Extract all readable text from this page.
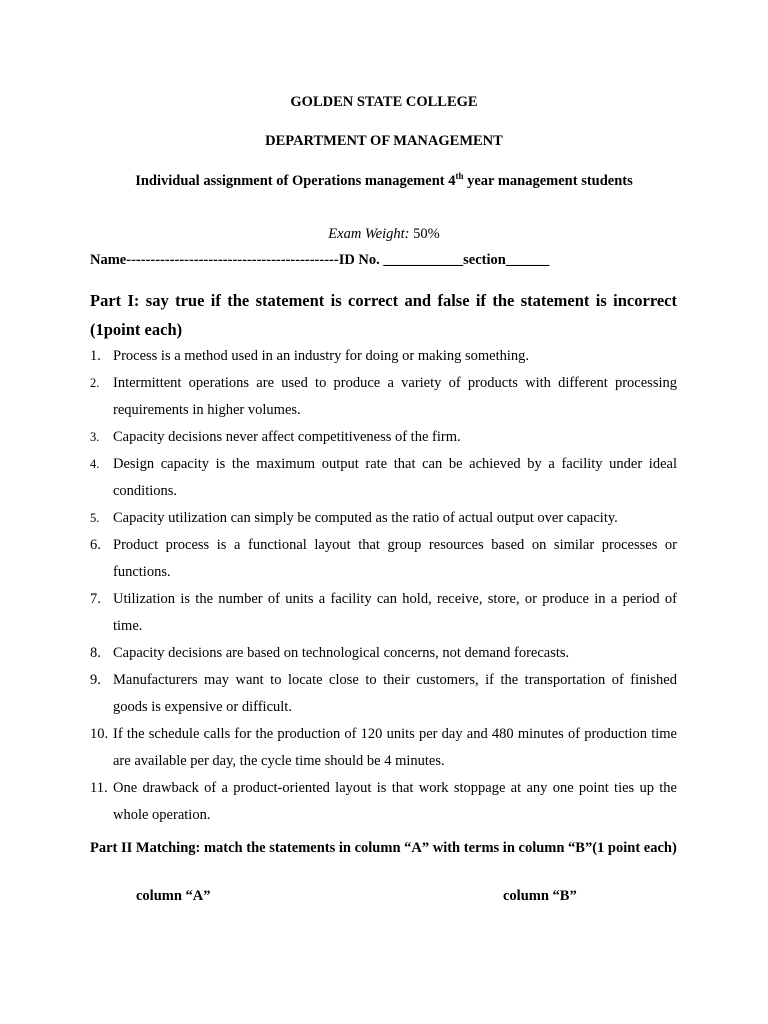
GOLDEN STATE COLLEGE
DEPARTMENT OF MANAGEMENT
Individual assignment of Operations management 4th year management students
Exam Weight: 50%
Name--------------------------------------------ID No. ___________section______
Part I: say true if the statement is correct and false if the statement is incorrect (1point each)
1. Process is a method used in an industry for doing or making something.
2. Intermittent operations are used to produce a variety of products with different processing requirements in higher volumes.
3. Capacity decisions never affect competitiveness of the firm.
4. Design capacity is the maximum output rate that can be achieved by a facility under ideal conditions.
5. Capacity utilization can simply be computed as the ratio of actual output over capacity.
6. Product process is a functional layout that group resources based on similar processes or functions.
7. Utilization is the number of units a facility can hold, receive, store, or produce in a period of time.
8. Capacity decisions are based on technological concerns, not demand forecasts.
9. Manufacturers may want to locate close to their customers, if the transportation of finished goods is expensive or difficult.
10. If the schedule calls for the production of 120 units per day and 480 minutes of production time are available per day, the cycle time should be 4 minutes.
11. One drawback of a product-oriented layout is that work stoppage at any one point ties up the whole operation.
Part II Matching: match the statements in column “A” with terms in column “B”(1 point each)
column “A”	column “B”
